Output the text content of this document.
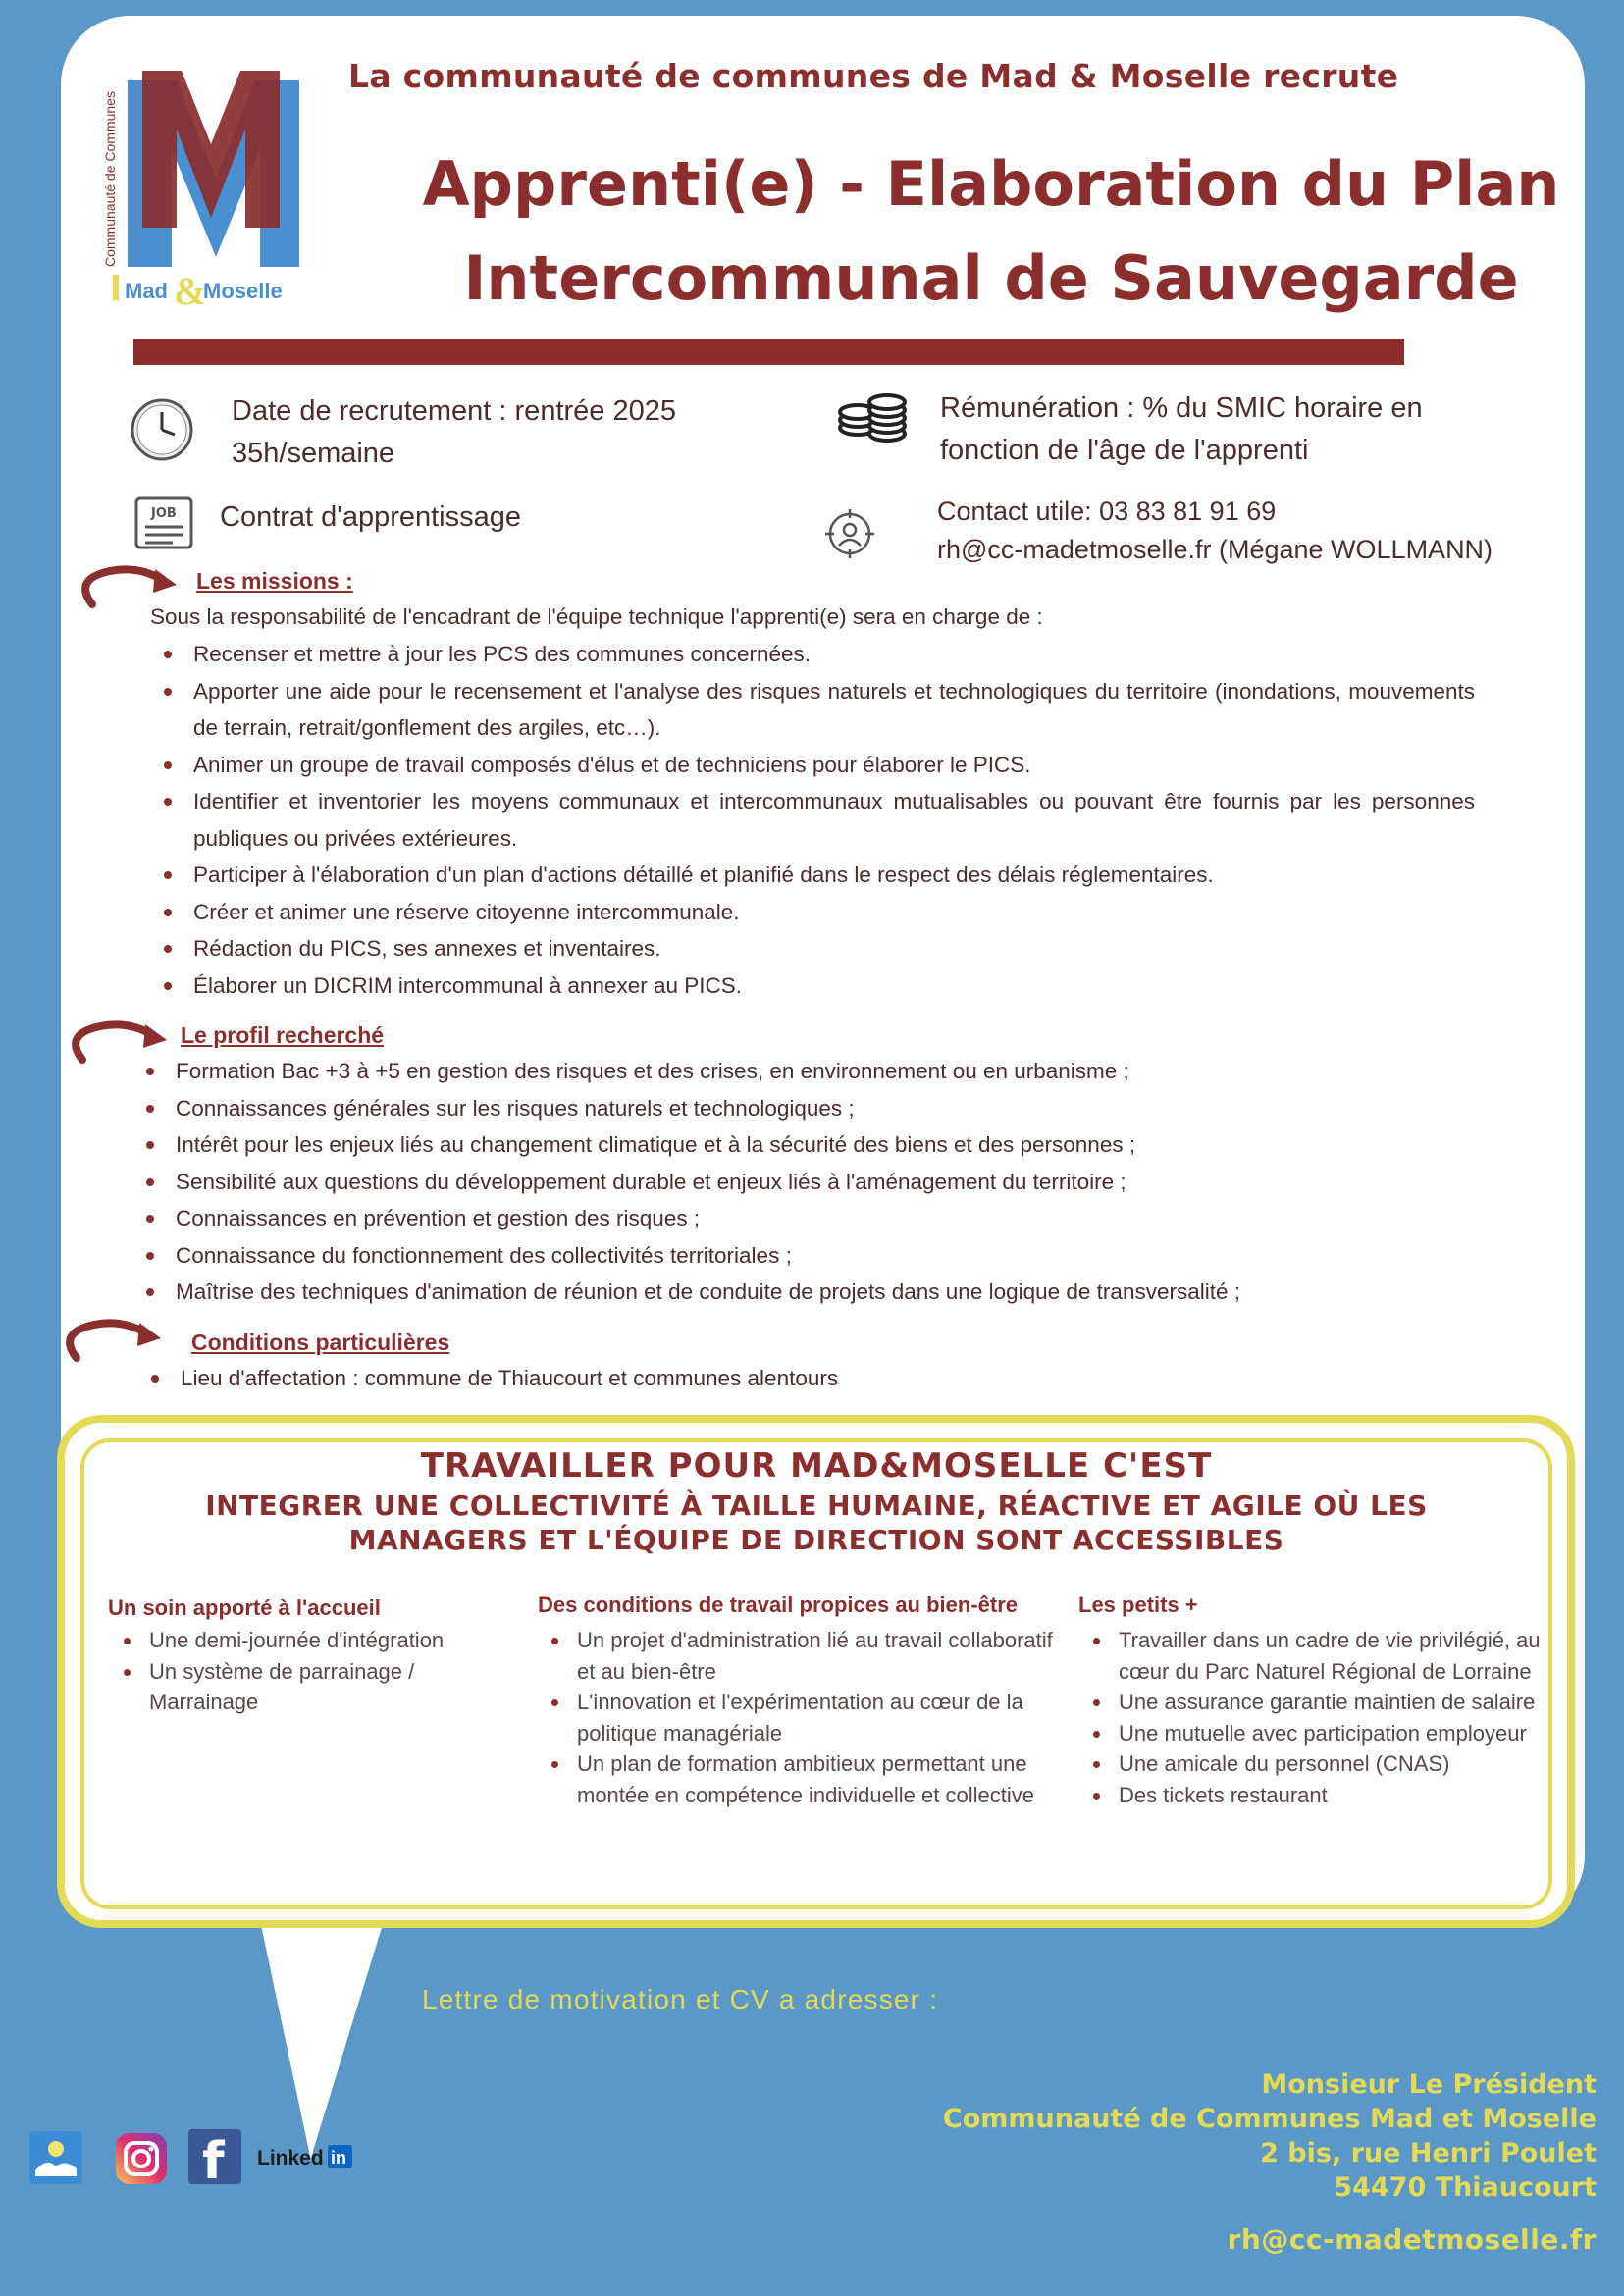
Communauté de Communes
Mad &
Moselle
La communauté de communes de Mad & Moselle recrute
Apprenti(e) - Elaboration du Plan
Intercommunal de Sauvegarde
Date de recrutement : rentrée 2025
35h/semaine
Rémunération : % du SMIC horaire en
fonction de l'âge de l'apprenti
JOB Contrat d'apprentissage	Contact utile: 03 83 81 91 69
rh@cc-madetmoselle.fr (Mégane WOLLMANN)
Les missions :
Sous la responsabilité de l'encadrant de l'équipe technique l'apprenti(e) sera en charge de :
Recenser et mettre à jour les PCS des communes concernées.
Apporter une aide pour le recensement et l'analyse des risques naturels et technologiques du territoire (inondations, mouvements de terrain, retrait/gonflement des argiles, etc…).
Animer un groupe de travail composés d'élus et de techniciens pour élaborer le PICS.
Identifier et inventorier les moyens communaux et intercommunaux mutualisables ou pouvant être fournis par les personnes publiques ou privées extérieures.
Participer à l'élaboration d'un plan d'actions détaillé et planifié dans le respect des délais réglementaires.
Créer et animer une réserve citoyenne intercommunale.
Rédaction du PICS, ses annexes et inventaires.
Élaborer un DICRIM intercommunal à annexer au PICS.
Le profil recherché
Formation Bac +3 à +5 en gestion des risques et des crises, en environnement ou en urbanisme ;
Connaissances générales sur les risques naturels et technologiques ;
Intérêt pour les enjeux liés au changement climatique et à la sécurité des biens et des personnes ;
Sensibilité aux questions du développement durable et enjeux liés à l'aménagement du territoire ;
Connaissances en prévention et gestion des risques ;
Connaissance du fonctionnement des collectivités territoriales ;
Maîtrise des techniques d'animation de réunion et de conduite de projets dans une logique de transversalité ;
Conditions particulières
Lieu d'affectation : commune de Thiaucourt et communes alentours
TRAVAILLER POUR MAD&MOSELLE C'EST
INTEGRER UNE COLLECTIVITÉ À TAILLE HUMAINE, RÉACTIVE ET AGILE OÙ LES
MANAGERS ET L'ÉQUIPE DE DIRECTION SONT ACCESSIBLES
Un soin apporté à l'accueil
Une demi-journée d'intégration
Un système de parrainage / Marrainage
Des conditions de travail propices au bien-être
Un projet d'administration lié au travail collaboratif et au bien-être
L'innovation et l'expérimentation au cœur de la politique managériale
Un plan de formation ambitieux permettant une montée en compétence individuelle et collective
Les petits +
Travailler dans un cadre de vie privilégié, au cœur du Parc Naturel Régional de Lorraine
Une assurance garantie maintien de salaire
Une mutuelle avec participation employeur
Une amicale du personnel (CNAS)
Des tickets restaurant
Lettre de motivation et CV a adresser :
Monsieur Le Président
Communauté de Communes Mad et Moselle
2 bis, rue Henri Poulet
54470 Thiaucourt
rh@cc-madetmoselle.fr
f Linked in
